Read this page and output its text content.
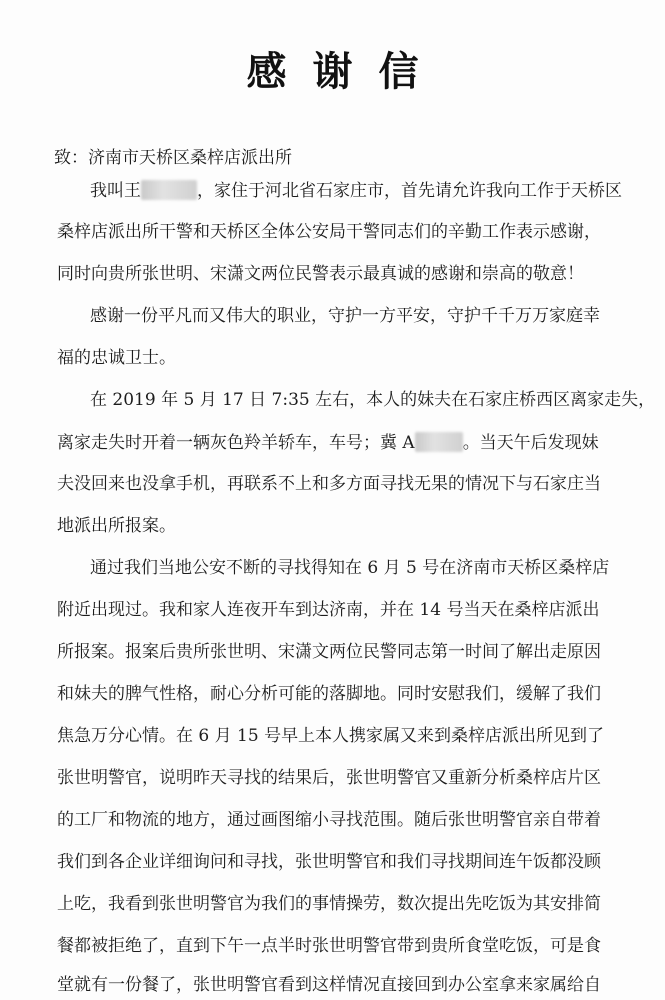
感谢信
致：济南市天桥区桑梓店派出所
我叫王	，家住于河北省石家庄市，首先请允许我向工作于天桥区
桑梓店派出所干警和天桥区全体公安局干警同志们的辛勤工作表示感谢，
同时向贵所张世明、宋潇文两位民警表示最真诚的感谢和崇高的敬意！
感谢一份平凡而又伟大的职业，守护一方平安，守护千千万万家庭幸
福的忠诚卫士。
在 2019 年 5 月 17 日 7:35 左右，本人的妹夫在石家庄桥西区离家走失，
离家走失时开着一辆灰色羚羊轿车，车号；冀 A	。当天午后发现妹
夫没回来也没拿手机，再联系不上和多方面寻找无果的情况下与石家庄当
地派出所报案。
通过我们当地公安不断的寻找得知在 6 月 5 号在济南市天桥区桑梓店
附近出现过。我和家人连夜开车到达济南，并在 14 号当天在桑梓店派出
所报案。报案后贵所张世明、宋潇文两位民警同志第一时间了解出走原因
和妹夫的脾气性格，耐心分析可能的落脚地。同时安慰我们，缓解了我们
焦急万分心情。在 6 月 15 号早上本人携家属又来到桑梓店派出所见到了
张世明警官，说明昨天寻找的结果后，张世明警官又重新分析桑梓店片区
的工厂和物流的地方，通过画图缩小寻找范围。随后张世明警官亲自带着
我们到各企业详细询问和寻找，张世明警官和我们寻找期间连午饭都没顾
上吃，我看到张世明警官为我们的事情操劳，数次提出先吃饭为其安排简
餐都被拒绝了，直到下午一点半时张世明警官带到贵所食堂吃饭，可是食
堂就有一份餐了，张世明警官看到这样情况直接回到办公室拿来家属给自
